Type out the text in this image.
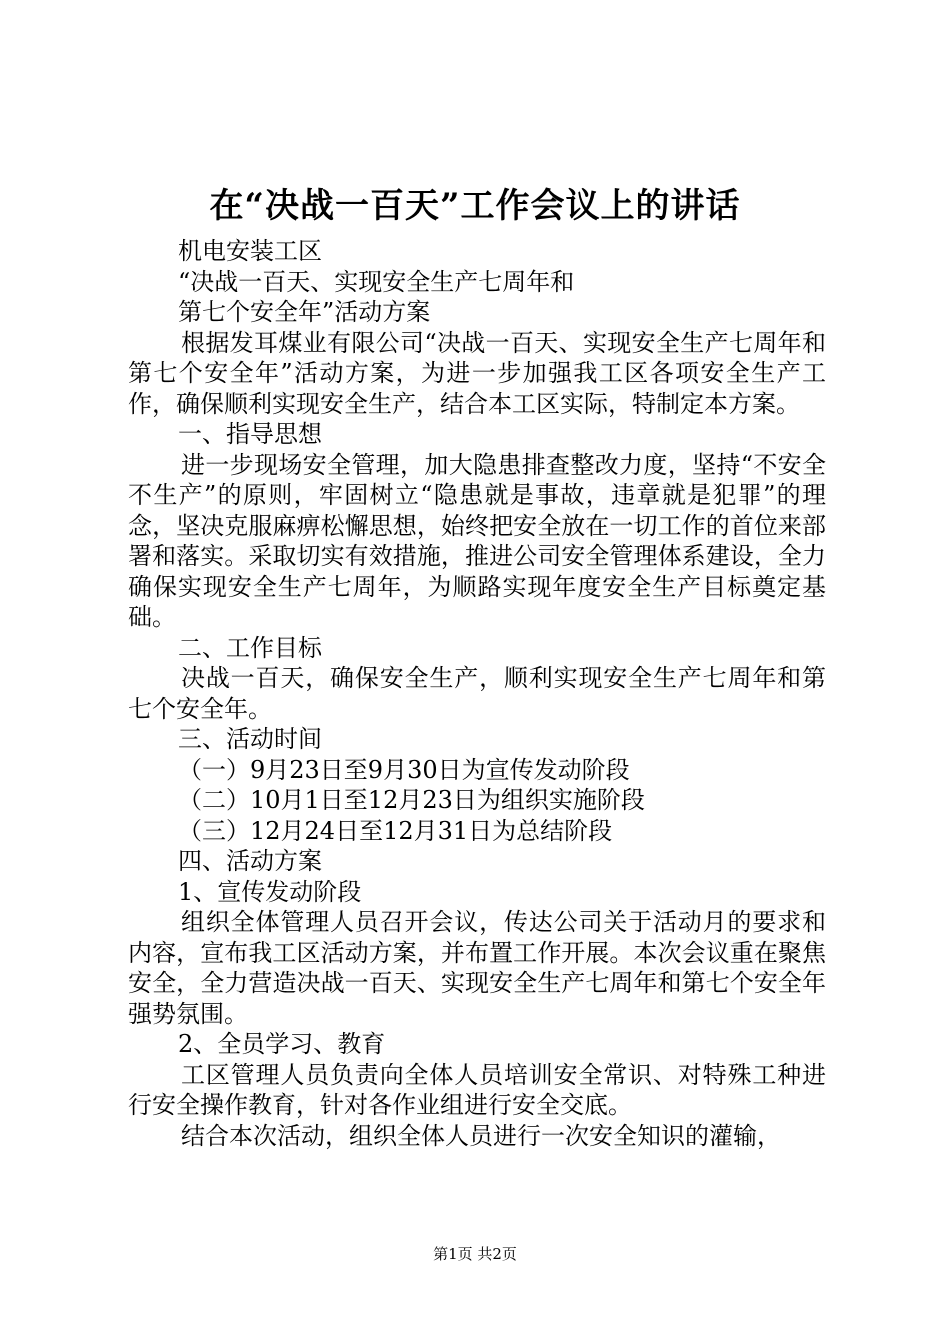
在“决战一百天”工作会议上的讲话

机电安装工区

“决战一百天、实现安全生产七周年和

第七个安全年”活动方案

根据发耳煤业有限公司“决战一百天、实现安全生产七周年和第七个安全年”活动方案，为进一步加强我工区各项安全生产工作，确保顺利实现安全生产，结合本工区实际，特制定本方案。

一、指导思想

进一步现场安全管理，加大隐患排查整改力度，坚持“不安全不生产”的原则，牢固树立“隐患就是事故，违章就是犯罪”的理念，坚决克服麻痹松懈思想，始终把安全放在一切工作的首位来部署和落实。采取切实有效措施，推进公司安全管理体系建设，全力确保实现安全生产七周年，为顺路实现年度安全生产目标奠定基础。

二、工作目标

决战一百天，确保安全生产，顺利实现安全生产七周年和第七个安全年。

三、活动时间

（一）9月23日至9月30日为宣传发动阶段

（二）10月1日至12月23日为组织实施阶段

（三）12月24日至12月31日为总结阶段

四、活动方案

1、宣传发动阶段

组织全体管理人员召开会议，传达公司关于活动月的要求和内容，宣布我工区活动方案，并布置工作开展。本次会议重在聚焦安全，全力营造决战一百天、实现安全生产七周年和第七个安全年强势氛围。

2、全员学习、教育

工区管理人员负责向全体人员培训安全常识、对特殊工种进行安全操作教育，针对各作业组进行安全交底。

结合本次活动，组织全体人员进行一次安全知识的灌输，

第1页 共2页
